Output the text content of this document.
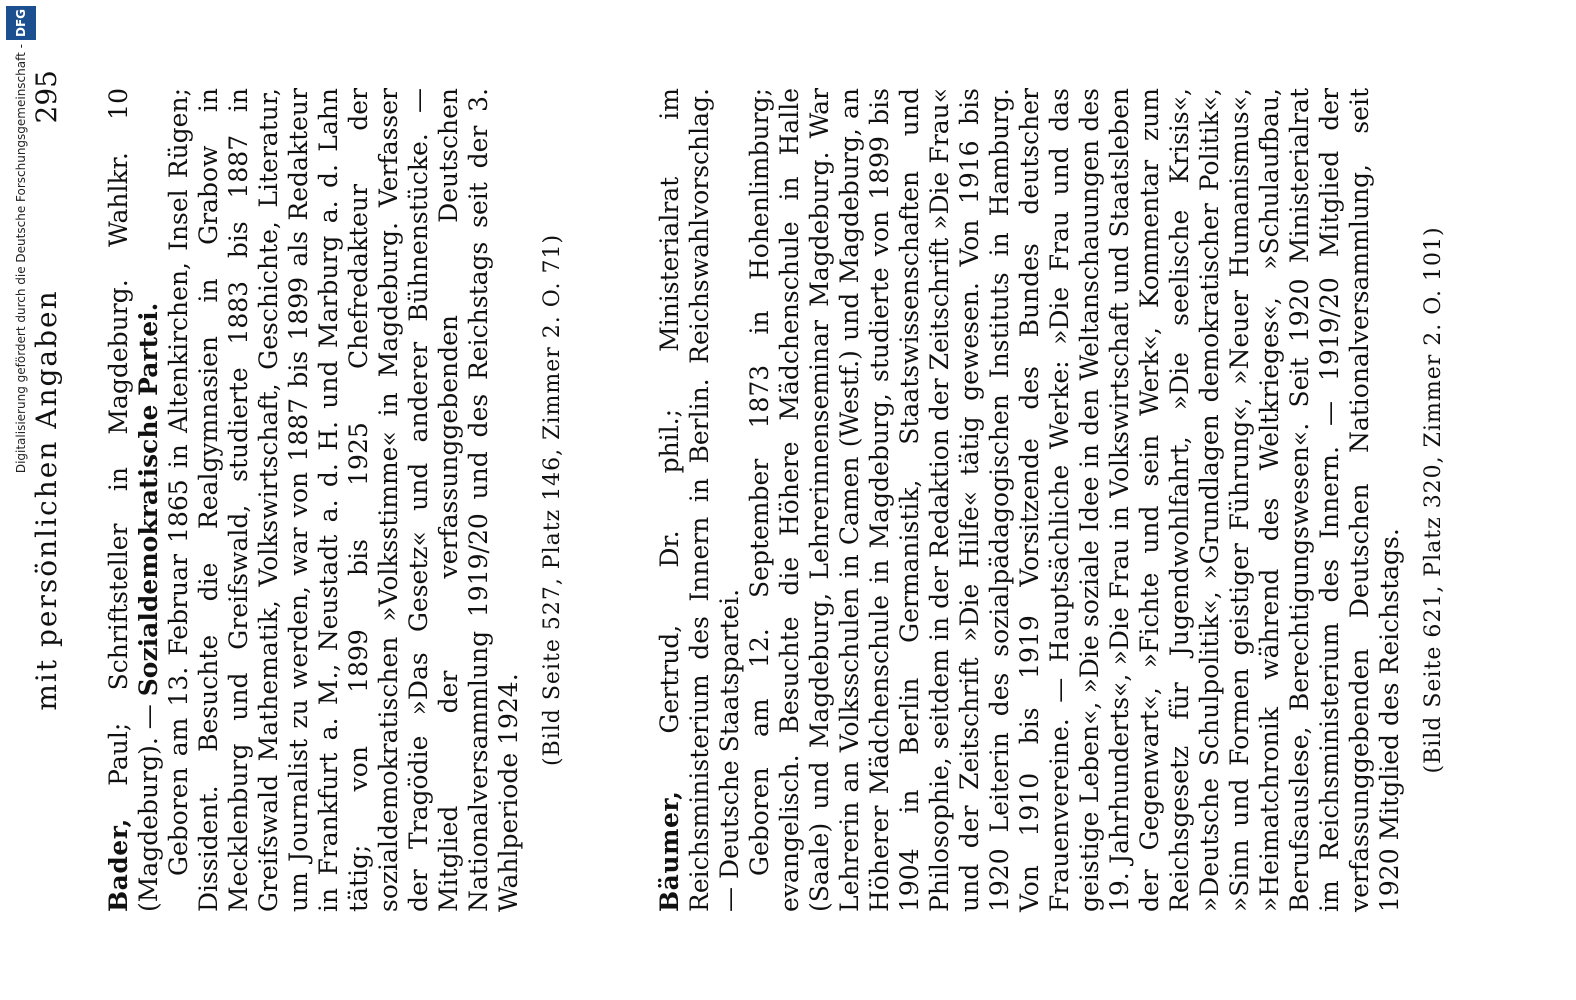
mit persönlichen Angaben
295

Bader, Paul; Schriftsteller in Magdeburg. Wahlkr. 10 (Magdeburg). — Sozialdemokratische Partei. Geboren am 13. Februar 1865 in Altenkirchen, Insel Rügen; Dissident. Besuchte die Realgymnasien in Grabow in Mecklenburg und Greifswald, studierte 1883 bis 1887 in Greifswald Mathematik, Volkswirtschaft, Geschichte, Literatur, um Journalist zu werden, war von 1887 bis 1899 als Redakteur in Frankfurt a. M., Neustadt a. d. H. und Marburg a. d. Lahn tätig; von 1899 bis 1925 Chefredakteur der sozialdemokratischen »Volksstimme« in Magdeburg. Verfasser der Tragödie »Das Gesetz« und anderer Bühnenstücke. — Mitglied der verfassunggebenden Deutschen Nationalversammlung 1919/20 und des Reichstags seit der 3. Wahlperiode 1924.

(Bild Seite 527, Platz 146, Zimmer 2. O. 71)

Bäumer, Gertrud, Dr. phil.; Ministerialrat im Reichsministerium des Innern in Berlin. Reichswahlvorschlag. — Deutsche Staatspartei. Geboren am 12. September 1873 in Hohenlimburg; evangelisch. Besuchte die Höhere Mädchenschule in Halle (Saale) und Magdeburg, Lehrerinnenseminar Magdeburg. War Lehrerin an Volksschulen in Camen (Westf.) und Magdeburg, an Höherer Mädchenschule in Magdeburg, studierte von 1899 bis 1904 in Berlin Germanistik, Staatswissenschaften und Philosophie, seitdem in der Redaktion der Zeitschrift »Die Frau« und der Zeitschrift »Die Hilfe« tätig gewesen. Von 1916 bis 1920 Leiterin des sozialpädagogischen Instituts in Hamburg. Von 1910 bis 1919 Vorsitzende des Bundes deutscher Frauenvereine. — Hauptsächliche Werke: »Die Frau und das geistige Leben«, »Die soziale Idee in den Weltanschauungen des 19. Jahrhunderts«, »Die Frau in Volkswirtschaft und Staatsleben der Gegenwart«, »Fichte und sein Werk«, Kommentar zum Reichsgesetz für Jugendwohlfahrt, »Die seelische Krisis«, »Deutsche Schulpolitik«, »Grundlagen demokratischer Politik«, »Sinn und Formen geistiger Führung«, »Neuer Humanismus«, »Heimatchronik während des Weltkrieges«, »Schulaufbau, Berufsauslese, Berechtigungswesen«. Seit 1920 Ministerialrat im Reichsministerium des Innern. — 1919/20 Mitglied der verfassunggebenden Deutschen Nationalversammlung, seit 1920 Mitglied des Reichstags. (Bild Seite 621, Platz 320, Zimmer 2. O. 101)
Digitalisierung gefördert durch die Deutsche Forschungsgemeinschaft -DFG
